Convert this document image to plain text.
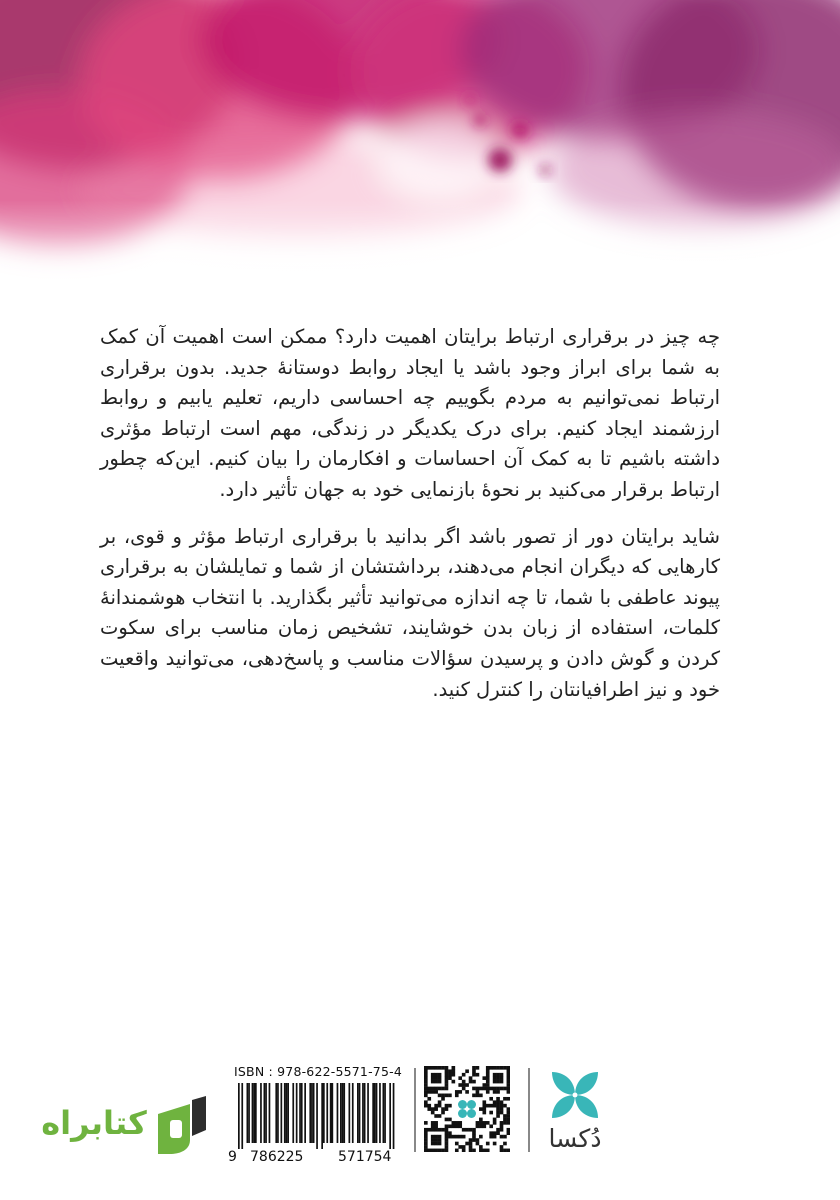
چه چیز در برقراری ارتباط برایتان اهمیت دارد؟ ممکن است اهمیت آن کمک به شما برای ابراز وجود باشد یا ایجاد روابط دوستانهٔ جدید. بدون برقراری ارتباط نمی‌توانیم به مردم بگوییم چه احساسی داریم، تعلیم یابیم و روابط ارزشمند ایجاد کنیم. برای درک یکدیگر در زندگی، مهم است ارتباط مؤثری داشته باشیم تا به کمک آن احساسات و افکارمان را بیان کنیم. این‌که چطور ارتباط برقرار می‌کنید بر نحوهٔ بازنمایی خود به جهان تأثیر دارد.

شاید برایتان دور از تصور باشد اگر بدانید با برقراری ارتباط مؤثر و قوی، بر کارهایی که دیگران انجام می‌دهند، برداشتشان از شما و تمایلشان به برقراری پیوند عاطفی با شما، تا چه اندازه می‌توانید تأثیر بگذارید. با انتخاب هوشمندانهٔ کلمات، استفاده از زبان بدن خوشایند، تشخیص زمان مناسب برای سکوت کردن و گوش دادن و پرسیدن سؤالات مناسب و پاسخ‌دهی، می‌توانید واقعیت خود و نیز اطرافیانتان را کنترل کنید.

ISBN : 978-622-5571-75-4
9 786225 571754
دُکسا
کتابراه
